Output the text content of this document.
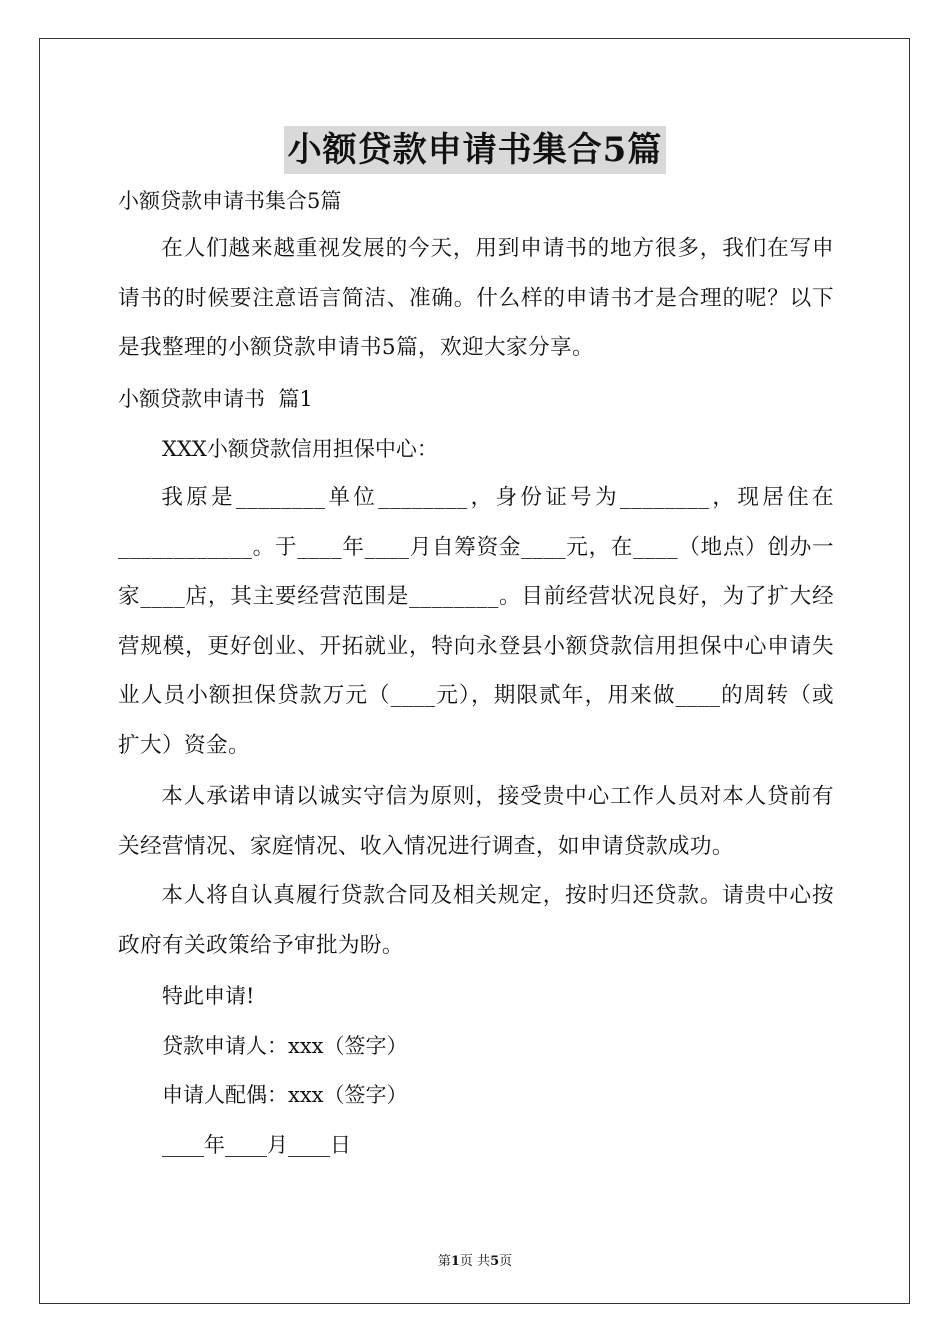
小额贷款申请书集合5篇
小额贷款申请书集合5篇
在人们越来越重视发展的今天，用到申请书的地方很多，我们在写申请书的时候要注意语言简洁、准确。什么样的申请书才是合理的呢？以下是我整理的小额贷款申请书5篇，欢迎大家分享。
小额贷款申请书  篇1
XXX小额贷款信用担保中心：
我原是________单位________，身份证号为________，现居住在____________。于____年____月自筹资金____元，在____（地点）创办一家____店，其主要经营范围是________。目前经营状况良好，为了扩大经营规模，更好创业、开拓就业，特向永登县小额贷款信用担保中心申请失业人员小额担保贷款万元（____元），期限贰年，用来做____的周转（或扩大）资金。
本人承诺申请以诚实守信为原则，接受贵中心工作人员对本人贷前有关经营情况、家庭情况、收入情况进行调查，如申请贷款成功。
本人将自认真履行贷款合同及相关规定，按时归还贷款。请贵中心按政府有关政策给予审批为盼。
特此申请!
贷款申请人：xxx（签字）
申请人配偶：xxx（签字）
____年____月____日
第1页 共5页
